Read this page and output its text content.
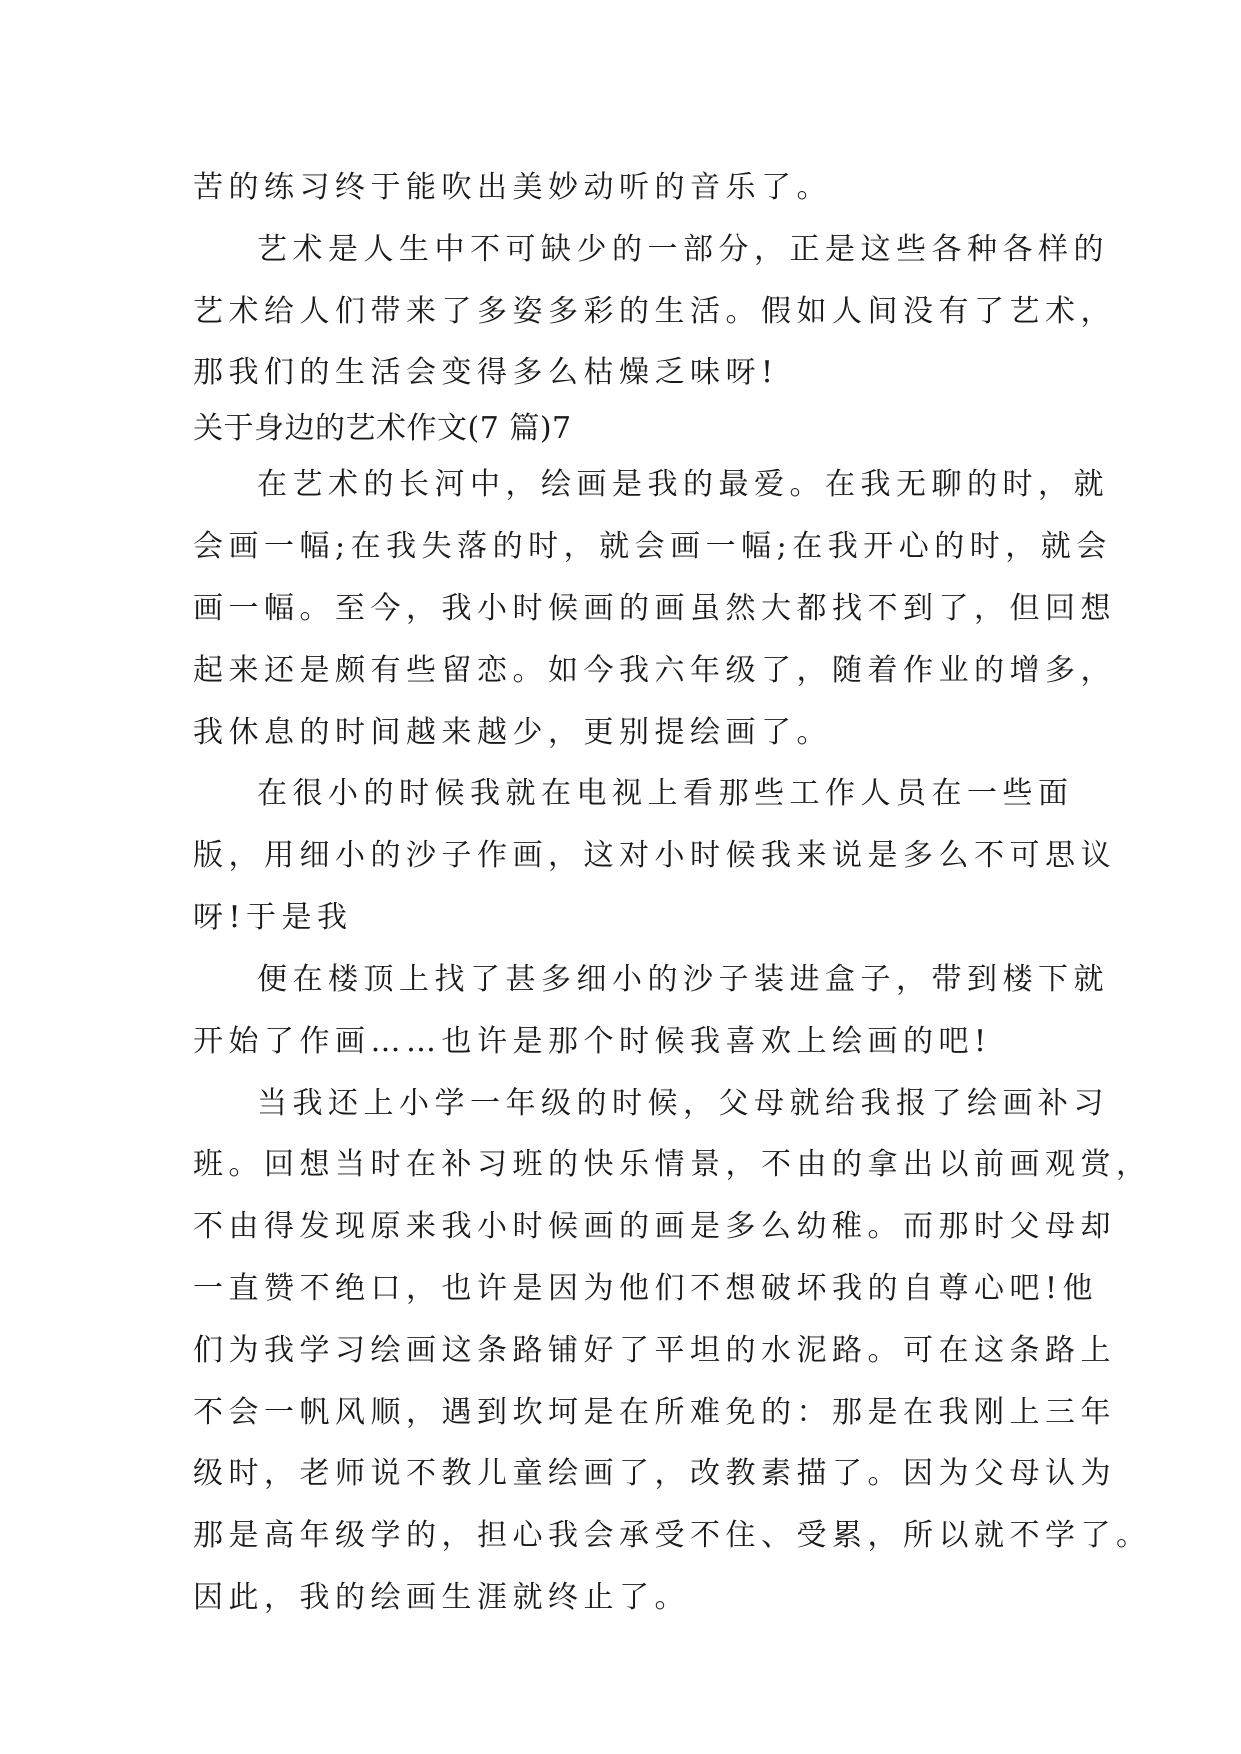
苦的练习终于能吹出美妙动听的音乐了。
艺术是人生中不可缺少的一部分，正是这些各种各样的
艺术给人们带来了多姿多彩的生活。假如人间没有了艺术，
那我们的生活会变得多么枯燥乏味呀!
关于身边的艺术作文(7 篇)7
在艺术的长河中，绘画是我的最爱。在我无聊的时，就
会画一幅;在我失落的时，就会画一幅;在我开心的时，就会
画一幅。至今，我小时候画的画虽然大都找不到了，但回想
起来还是颇有些留恋。如今我六年级了，随着作业的增多，
我休息的时间越来越少，更别提绘画了。
在很小的时候我就在电视上看那些工作人员在一些面
版，用细小的沙子作画，这对小时候我来说是多么不可思议
呀!于是我
便在楼顶上找了甚多细小的沙子装进盒子，带到楼下就
开始了作画……也许是那个时候我喜欢上绘画的吧!
当我还上小学一年级的时候，父母就给我报了绘画补习
班。回想当时在补习班的快乐情景，不由的拿出以前画观赏，
不由得发现原来我小时候画的画是多么幼稚。而那时父母却
一直赞不绝口，也许是因为他们不想破坏我的自尊心吧!他
们为我学习绘画这条路铺好了平坦的水泥路。可在这条路上
不会一帆风顺，遇到坎坷是在所难免的：那是在我刚上三年
级时，老师说不教儿童绘画了，改教素描了。因为父母认为
那是高年级学的，担心我会承受不住、受累，所以就不学了。
因此，我的绘画生涯就终止了。
